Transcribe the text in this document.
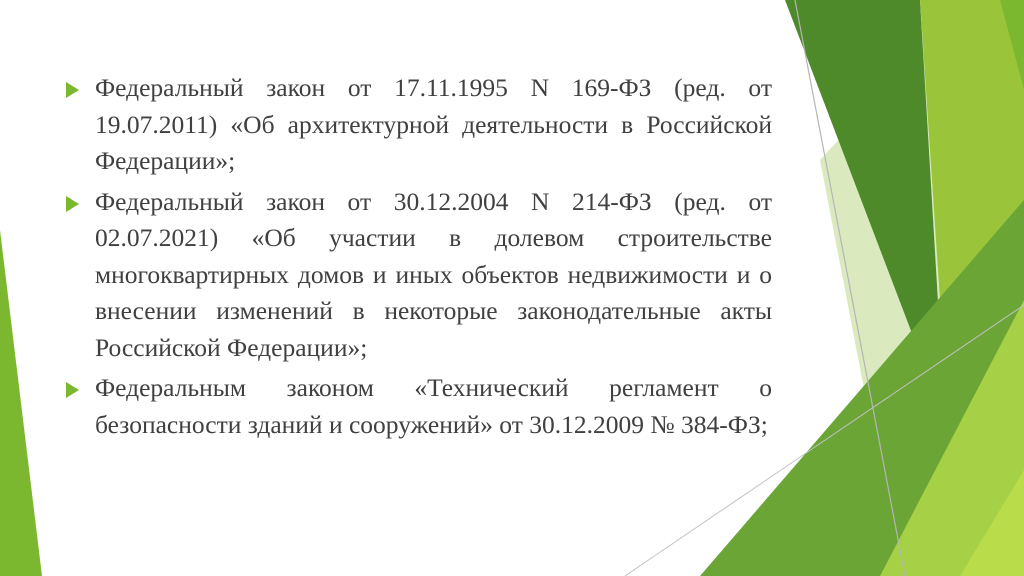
Федеральный закон от 17.11.1995 N 169-ФЗ (ред. от 19.07.2011) «Об архитектурной деятельности в Российской Федерации»;
Федеральный закон от 30.12.2004 N 214-ФЗ (ред. от 02.07.2021) «Об участии в долевом строительстве многоквартирных домов и иных объектов недвижимости и о внесении изменений в некоторые законодательные акты Российской Федерации»;
Федеральным законом «Технический регламент о безопасности зданий и сооружений» от 30.12.2009 № 384-ФЗ;
